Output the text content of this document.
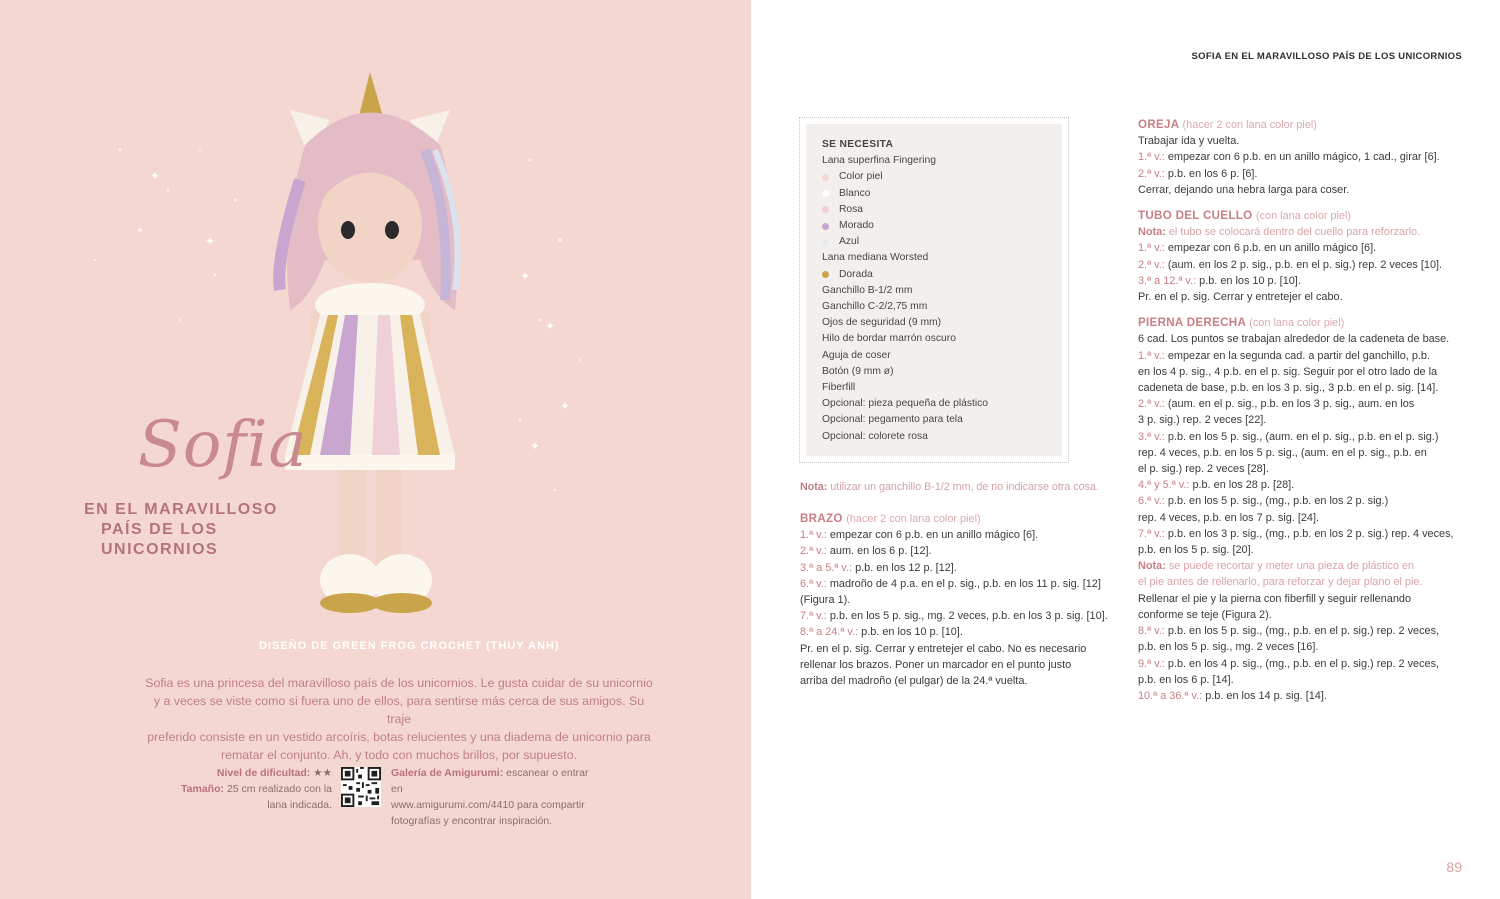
✦
✦
✦
✦
✦
✦
Sofia
EN EL MARAVILLOSO
PAÍS DE LOS UNICORNIOS
DISEÑO DE GREEN FROG CROCHET (THUY ANH)
Sofia es una princesa del maravilloso país de los unicornios. Le gusta cuidar de su unicornio
y a veces se viste como si fuera uno de ellos, para sentirse más cerca de sus amigos. Su traje
preferido consiste en un vestido arcoíris, botas relucientes y una diadema de unicornio para
rematar el conjunto. Ah, y todo con muchos brillos, por supuesto.
Nivel de dificultad: ★★
Tamaño: 25 cm realizado con la
lana indicada.
Galería de Amigurumi: escanear o entrar en
www.amigurumi.com/4410 para compartir
fotografías y encontrar inspiración.
SOFIA EN EL MARAVILLOSO PAÍS DE LOS UNICORNIOS
SE NECESITA
Lana superfina Fingering
Color piel
Blanco
Rosa
Morado
Azul
Lana mediana Worsted
Dorada
Ganchillo B-1/2 mm
Ganchillo C-2/2,75 mm
Ojos de seguridad (9 mm)
Hilo de bordar marrón oscuro
Aguja de coser
Botón (9 mm ø)
Fiberfill
Opcional: pieza pequeña de plástico
Opcional: pegamento para tela
Opcional: colorete rosa
Nota: utilizar un ganchillo B-1/2 mm, de no indicarse otra cosa.
BRAZO (hacer 2 con lana color piel)
1.ª v.: empezar con 6 p.b. en un anillo mágico [6].
2.ª v.: aum. en los 6 p. [12].
3.ª a 5.ª v.: p.b. en los 12 p. [12].
6.ª v.: madroño de 4 p.a. en el p. sig., p.b. en los 11 p. sig. [12]
(Figura 1).
7.ª v.: p.b. en los 5 p. sig., mg. 2 veces, p.b. en los 3 p. sig. [10].
8.ª a 24.ª v.: p.b. en los 10 p. [10].
Pr. en el p. sig. Cerrar y entretejer el cabo. No es necesario
rellenar los brazos. Poner un marcador en el punto justo
arriba del madroño (el pulgar) de la 24.ª vuelta.
OREJA (hacer 2 con lana color piel)
Trabajar ida y vuelta.
1.ª v.: empezar con 6 p.b. en un anillo mágico, 1 cad., girar [6].
2.ª v.: p.b. en los 6 p. [6].
Cerrar, dejando una hebra larga para coser.
TUBO DEL CUELLO (con lana color piel)
Nota: el tubo se colocará dentro del cuello para reforzarlo.
1.ª v.: empezar con 6 p.b. en un anillo mágico [6].
2.ª v.: (aum. en los 2 p. sig., p.b. en el p. sig.) rep. 2 veces [10].
3.ª a 12.ª v.: p.b. en los 10 p. [10].
Pr. en el p. sig. Cerrar y entretejer el cabo.
PIERNA DERECHA (con lana color piel)
6 cad. Los puntos se trabajan alrededor de la cadeneta de base.
1.ª v.: empezar en la segunda cad. a partir del ganchillo, p.b.
en los 4 p. sig., 4 p.b. en el p. sig. Seguir por el otro lado de la
cadeneta de base, p.b. en los 3 p. sig., 3 p.b. en el p. sig. [14].
2.ª v.: (aum. en el p. sig., p.b. en los 3 p. sig., aum. en los
3 p. sig.) rep. 2 veces [22].
3.ª v.: p.b. en los 5 p. sig., (aum. en el p. sig., p.b. en el p. sig.)
rep. 4 veces, p.b. en los 5 p. sig., (aum. en el p. sig., p.b. en
el p. sig.) rep. 2 veces [28].
4.ª y 5.ª v.: p.b. en los 28 p. [28].
6.ª v.: p.b. en los 5 p. sig., (mg., p.b. en los 2 p. sig.)
rep. 4 veces, p.b. en los 7 p. sig. [24].
7.ª v.: p.b. en los 3 p. sig., (mg., p.b. en los 2 p. sig.) rep. 4 veces,
p.b. en los 5 p. sig. [20].
Nota: se puede recortar y meter una pieza de plástico en
el pie antes de rellenarlo, para reforzar y dejar plano el pie.
Rellenar el pie y la pierna con fiberfill y seguir rellenando
conforme se teje (Figura 2).
8.ª v.: p.b. en los 5 p. sig., (mg., p.b. en el p. sig.) rep. 2 veces,
p.b. en los 5 p. sig., mg. 2 veces [16].
9.ª v.: p.b. en los 4 p. sig., (mg., p.b. en el p. sig.) rep. 2 veces,
p.b. en los 6 p. [14].
10.ª a 36.ª v.: p.b. en los 14 p. sig. [14].
89
